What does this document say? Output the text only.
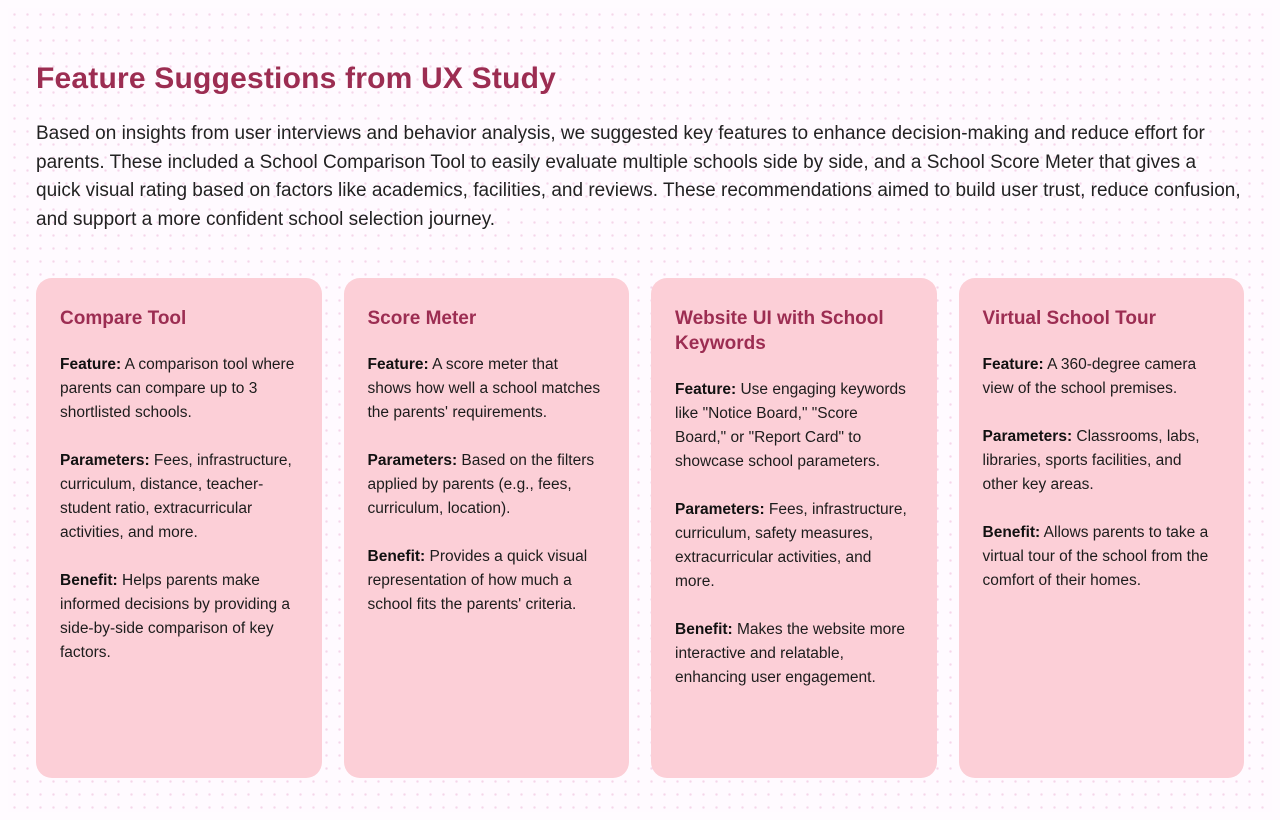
Feature Suggestions from UX Study

Based on insights from user interviews and behavior analysis, we suggested key features to enhance decision-making and reduce effort for parents. These included a School Comparison Tool to easily evaluate multiple schools side by side, and a School Score Meter that gives a quick visual rating based on factors like academics, facilities, and reviews. These recommendations aimed to build user trust, reduce confusion, and support a more confident school selection journey.

Compare Tool

Feature: A comparison tool where parents can compare up to 3 shortlisted schools.

Parameters: Fees, infrastructure, curriculum, distance, teacher-student ratio, extracurricular activities, and more.

Benefit: Helps parents make informed decisions by providing a side-by-side comparison of key factors.

Score Meter

Feature: A score meter that shows how well a school matches the parents' requirements.

Parameters: Based on the filters applied by parents (e.g., fees, curriculum, location).

Benefit: Provides a quick visual representation of how much a school fits the parents' criteria.

Website UI with School Keywords

Feature: Use engaging keywords like "Notice Board," "Score Board," or "Report Card" to showcase school parameters.

Parameters: Fees, infrastructure, curriculum, safety measures, extracurricular activities, and more.

Benefit: Makes the website more interactive and relatable, enhancing user engagement.

Virtual School Tour

Feature: A 360-degree camera view of the school premises.

Parameters: Classrooms, labs, libraries, sports facilities, and other key areas.

Benefit: Allows parents to take a virtual tour of the school from the comfort of their homes.
